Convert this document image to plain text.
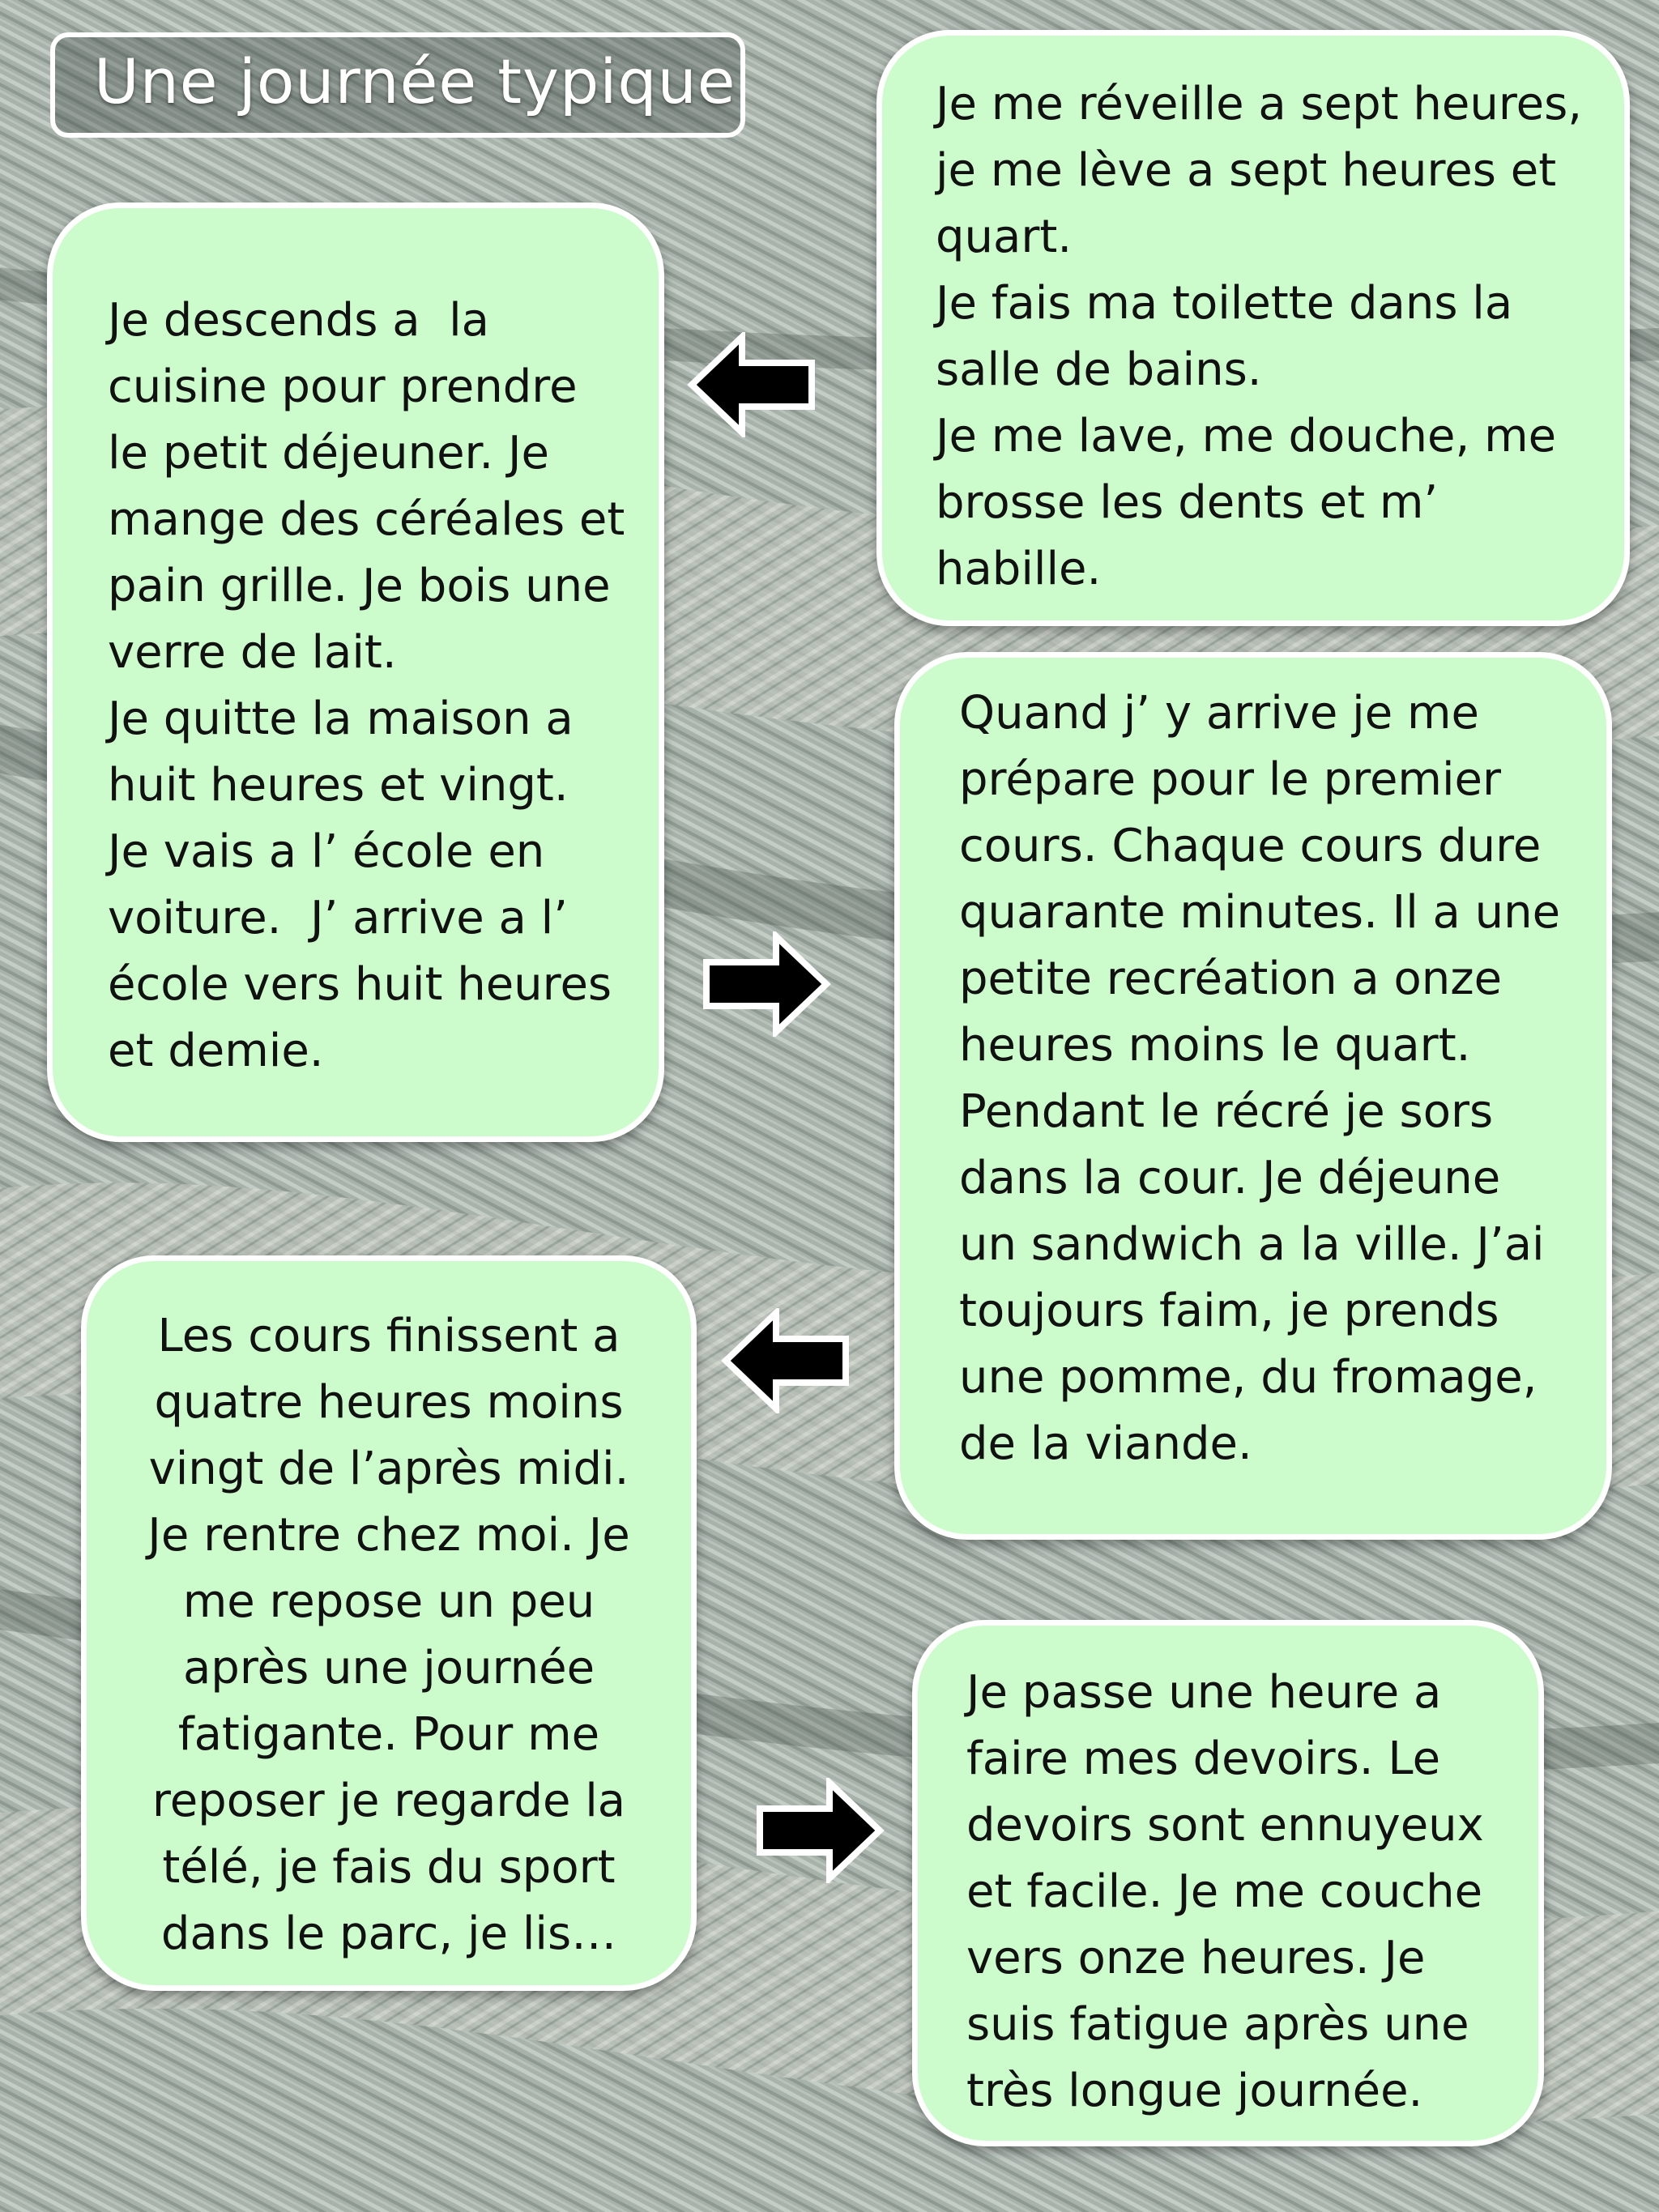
Une journée typique	Je me réveille a sept heures,

je me lève a sept heures et

quart.

Je fais ma toilette dans la

salle de bains.

Je me lave, me douche, me

brosse les dents et m’

habille.

Je descends a  la

cuisine pour prendre

le petit déjeuner. Je

mange des céréales et

pain grille. Je bois une

verre de lait.

Je quitte la maison a

huit heures et vingt.

Je vais a l’ école en

voiture.  J’ arrive a l’

école vers huit heures

et demie.

Quand j’ y arrive je me

prépare pour le premier

cours. Chaque cours dure

quarante minutes. Il a une

petite recréation a onze

heures moins le quart.

Pendant le récré je sors

dans la cour. Je déjeune

un sandwich a la ville. J’ai

toujours faim, je prends

une pomme, du fromage,

de la viande.

Les cours finissent a

quatre heures moins

vingt de l’après midi.

Je rentre chez moi. Je

me repose un peu

après une journée

fatigante. Pour me

reposer je regarde la

télé, je fais du sport

dans le parc, je lis…

Je passe une heure a

faire mes devoirs. Le

devoirs sont ennuyeux

et facile. Je me couche

vers onze heures. Je

suis fatigue après une

très longue journée.
